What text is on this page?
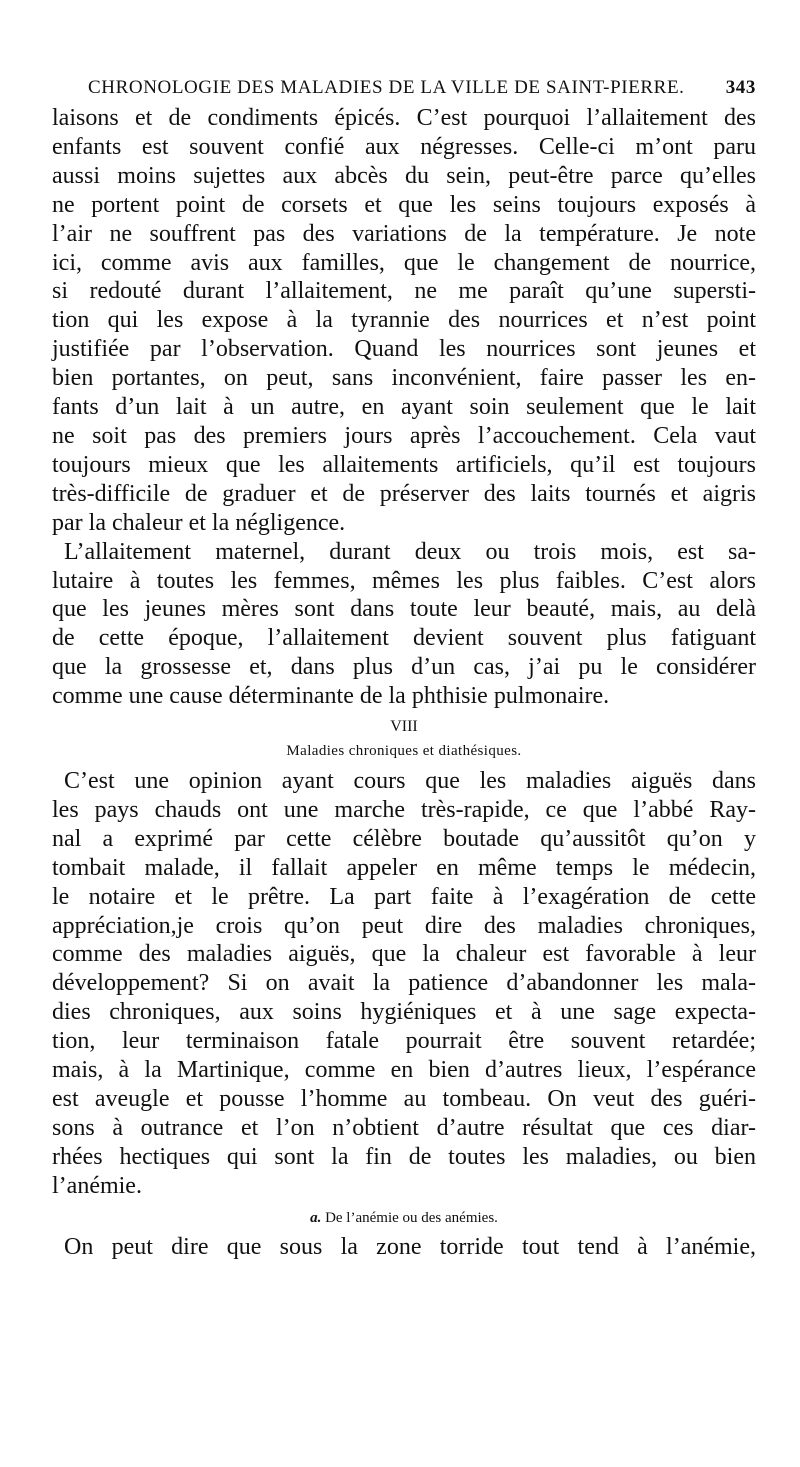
CHRONOLOGIE DES MALADIES DE LA VILLE DE SAINT-PIERRE. 343

laisons et de condiments épicés. C’est pourquoi l’allaitement des
enfants est souvent confié aux négresses. Celle-ci m’ont paru
aussi moins sujettes aux abcès du sein, peut-être parce qu’elles
ne portent point de corsets et que les seins toujours exposés à
l’air ne souffrent pas des variations de la température. Je note
ici, comme avis aux familles, que le changement de nourrice,
si redouté durant l’allaitement, ne me paraît qu’une supersti-
tion qui les expose à la tyrannie des nourrices et n’est point
justifiée par l’observation. Quand les nourrices sont jeunes et
bien portantes, on peut, sans inconvénient, faire passer les en-
fants d’un lait à un autre, en ayant soin seulement que le lait
ne soit pas des premiers jours après l’accouchement. Cela vaut
toujours mieux que les allaitements artificiels, qu’il est toujours
très-difficile de graduer et de préserver des laits tournés et aigris
par la chaleur et la négligence.

L’allaitement maternel, durant deux ou trois mois, est sa-
lutaire à toutes les femmes, mêmes les plus faibles. C’est alors
que les jeunes mères sont dans toute leur beauté, mais, au delà
de cette époque, l’allaitement devient souvent plus fatiguant
que la grossesse et, dans plus d’un cas, j’ai pu le considérer
comme une cause déterminante de la phthisie pulmonaire.

VIII
Maladies chroniques et diathésiques.

C’est une opinion ayant cours que les maladies aiguës dans
les pays chauds ont une marche très-rapide, ce que l’abbé Ray-
nal a exprimé par cette célèbre boutade qu’aussitôt qu’on y
tombait malade, il fallait appeler en même temps le médecin,
le notaire et le prêtre. La part faite à l’exagération de cette
appréciation,je crois qu’on peut dire des maladies chroniques,
comme des maladies aiguës, que la chaleur est favorable à leur
développement? Si on avait la patience d’abandonner les mala-
dies chroniques, aux soins hygiéniques et à une sage expecta-
tion, leur terminaison fatale pourrait être souvent retardée;
mais, à la Martinique, comme en bien d’autres lieux, l’espérance
est aveugle et pousse l’homme au tombeau. On veut des guéri-
sons à outrance et l’on n’obtient d’autre résultat que ces diar-
rhées hectiques qui sont la fin de toutes les maladies, ou bien
l’anémie.

a. De l’anémie ou des anémies.

On peut dire que sous la zone torride tout tend à l’anémie,
